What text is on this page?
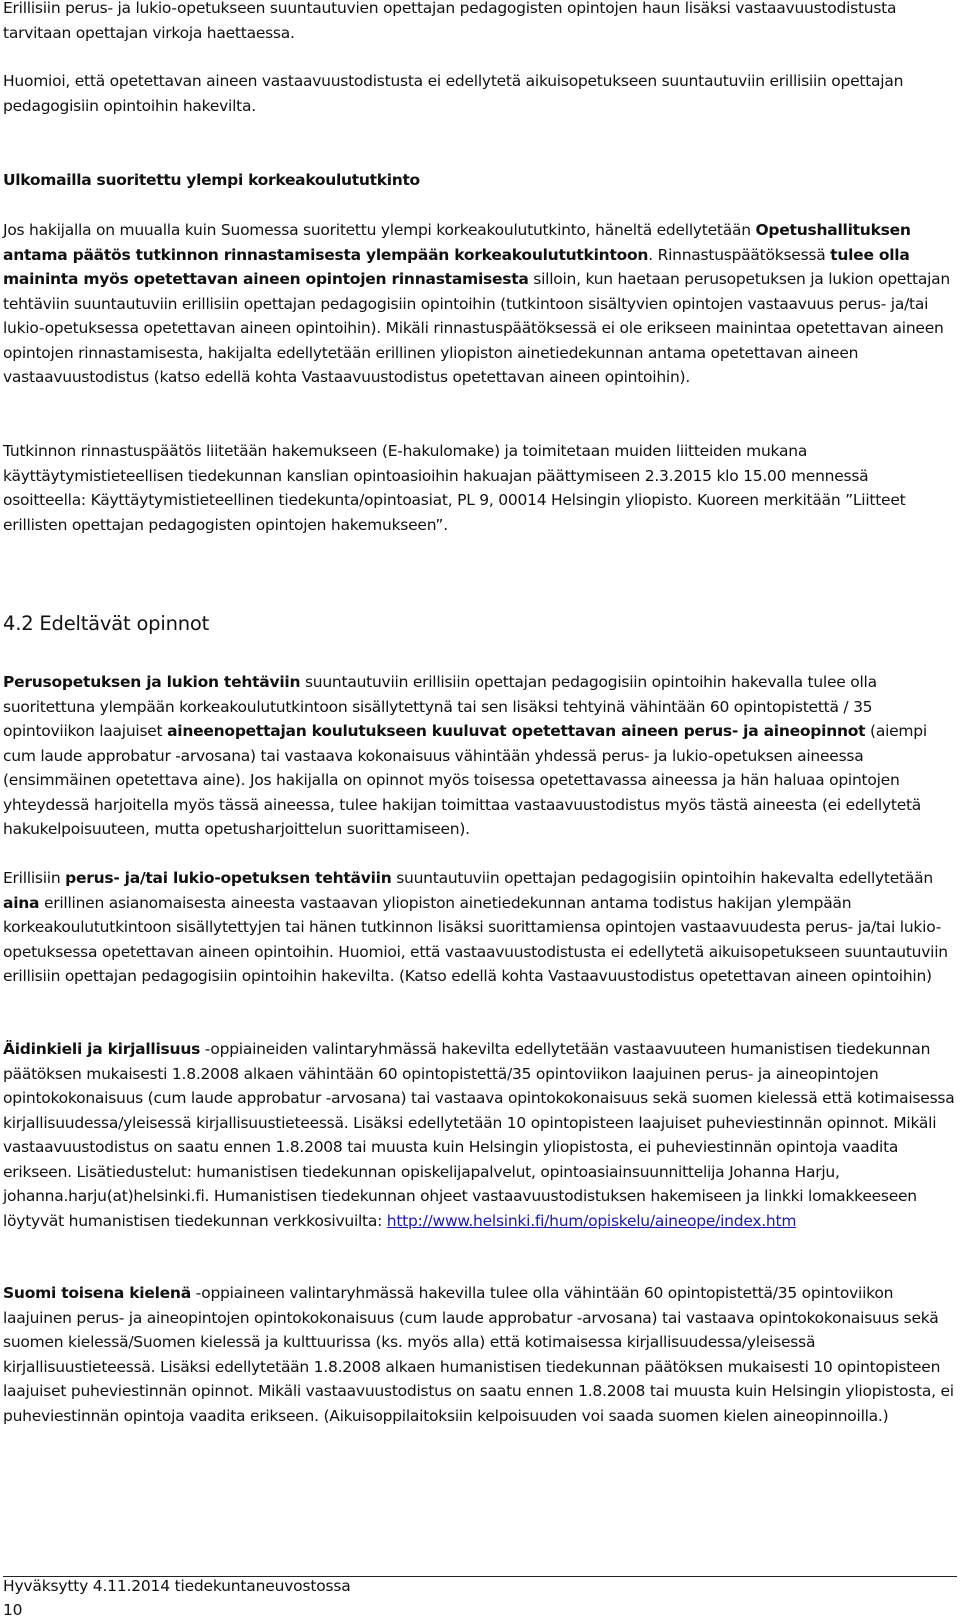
Erillisiin perus- ja lukio-opetukseen suuntautuvien opettajan pedagogisten opintojen haun lisäksi vastaavuustodistusta tarvitaan opettajan virkoja haettaessa.
Huomioi, että opetettavan aineen vastaavuustodistusta ei edellytetä aikuisopetukseen suuntautuviin erillisiin opettajan pedagogisiin opintoihin hakevilta.
Ulkomailla suoritettu ylempi korkeakoulututkinto
Jos hakijalla on muualla kuin Suomessa suoritettu ylempi korkeakoulututkinto, häneltä edellytetään Opetushallituksen antama päätös tutkinnon rinnastamisesta ylempään korkeakoulututkintoon. Rinnastuspäätöksessä tulee olla maininta myös opetettavan aineen opintojen rinnastamisesta silloin, kun haetaan perusopetuksen ja lukion opettajan tehtäviin suuntautuviin erillisiin opettajan pedagogisiin opintoihin (tutkintoon sisältyvien opintojen vastaavuus perus- ja/tai lukio-opetuksessa opetettavan aineen opintoihin). Mikäli rinnastuspäätöksessä ei ole erikseen mainintaa opetettavan aineen opintojen rinnastamisesta, hakijalta edellytetään erillinen yliopiston ainetiedekunnan antama opetettavan aineen vastaavuustodistus (katso edellä kohta Vastaavuustodistus opetettavan aineen opintoihin).
Tutkinnon rinnastuspäätös liitetään hakemukseen (E-hakulomake) ja toimitetaan muiden liitteiden mukana käyttäytymistieteellisen tiedekunnan kanslian opintoasioihin hakuajan päättymiseen 2.3.2015 klo 15.00 mennessä osoitteella: Käyttäytymistieteellinen tiedekunta/opintoasiat, PL 9, 00014 Helsingin yliopisto. Kuoreen merkitään ”Liitteet erillisten opettajan pedagogisten opintojen hakemukseen”.
4.2 Edeltävät opinnot
Perusopetuksen ja lukion tehtäviin suuntautuviin erillisiin opettajan pedagogisiin opintoihin hakevalla tulee olla suoritettuna ylempään korkeakoulututkintoon sisällytettynä tai sen lisäksi tehtyinä vähintään 60 opintopistettä / 35 opintoviikon laajuiset aineenopettajan koulutukseen kuuluvat opetettavan aineen perus- ja aineopinnot (aiempi cum laude approbatur -arvosana) tai vastaava kokonaisuus vähintään yhdessä perus- ja lukio-opetuksen aineessa (ensimmäinen opetettava aine). Jos hakijalla on opinnot myös toisessa opetettavassa aineessa ja hän haluaa opintojen yhteydessä harjoitella myös tässä aineessa, tulee hakijan toimittaa vastaavuustodistus myös tästä aineesta (ei edellytetä hakukelpoisuuteen, mutta opetusharjoittelun suorittamiseen).
Erillisiin perus- ja/tai lukio-opetuksen tehtäviin suuntautuviin opettajan pedagogisiin opintoihin hakevalta edellytetään aina erillinen asianomaisesta aineesta vastaavan yliopiston ainetiedekunnan antama todistus hakijan ylempään korkeakoulututkintoon sisällytettyjen tai hänen tutkinnon lisäksi suorittamiensa opintojen vastaavuudesta perus- ja/tai lukio-opetuksessa opetettavan aineen opintoihin. Huomioi, että vastaavuustodistusta ei edellytetä aikuisopetukseen suuntautuviin erillisiin opettajan pedagogisiin opintoihin hakevilta. (Katso edellä kohta Vastaavuustodistus opetettavan aineen opintoihin)
Äidinkieli ja kirjallisuus -oppiaineiden valintaryhmässä hakevilta edellytetään vastaavuuteen humanistisen tiedekunnan päätöksen mukaisesti 1.8.2008 alkaen vähintään 60 opintopistettä/35 opintoviikon laajuinen perus- ja aineopintojen opintokokonaisuus (cum laude approbatur -arvosana) tai vastaava opintokokonaisuus sekä suomen kielessä että kotimaisessa kirjallisuudessa/yleisessä kirjallisuustieteessä. Lisäksi edellytetään 10 opintopisteen laajuiset puheviestinnän opinnot. Mikäli vastaavuustodistus on saatu ennen 1.8.2008 tai muusta kuin Helsingin yliopistosta, ei puheviestinnän opintoja vaadita erikseen. Lisätiedustelut: humanistisen tiedekunnan opiskelijapalvelut, opintoasiainsuunnittelija Johanna Harju, johanna.harju(at)helsinki.fi. Humanistisen tiedekunnan ohjeet vastaavuustodistuksen hakemiseen ja linkki lomakkeeseen löytyvät humanistisen tiedekunnan verkkosivuilta: http://www.helsinki.fi/hum/opiskelu/aineope/index.htm
Suomi toisena kielenä -oppiaineen valintaryhmässä hakevilla tulee olla vähintään 60 opintopistettä/35 opintoviikon laajuinen perus- ja aineopintojen opintokokonaisuus (cum laude approbatur -arvosana) tai vastaava opintokokonaisuus sekä suomen kielessä/Suomen kielessä ja kulttuurissa (ks. myös alla) että kotimaisessa kirjallisuudessa/yleisessä kirjallisuustieteessä. Lisäksi edellytetään 1.8.2008 alkaen humanistisen tiedekunnan päätöksen mukaisesti 10 opintopisteen laajuiset puheviestinnän opinnot. Mikäli vastaavuustodistus on saatu ennen 1.8.2008 tai muusta kuin Helsingin yliopistosta, ei puheviestinnän opintoja vaadita erikseen. (Aikuisoppilaitoksiin kelpoisuuden voi saada suomen kielen aineopinnoilla.)
Hyväksytty 4.11.2014 tiedekuntaneuvostossa
10
